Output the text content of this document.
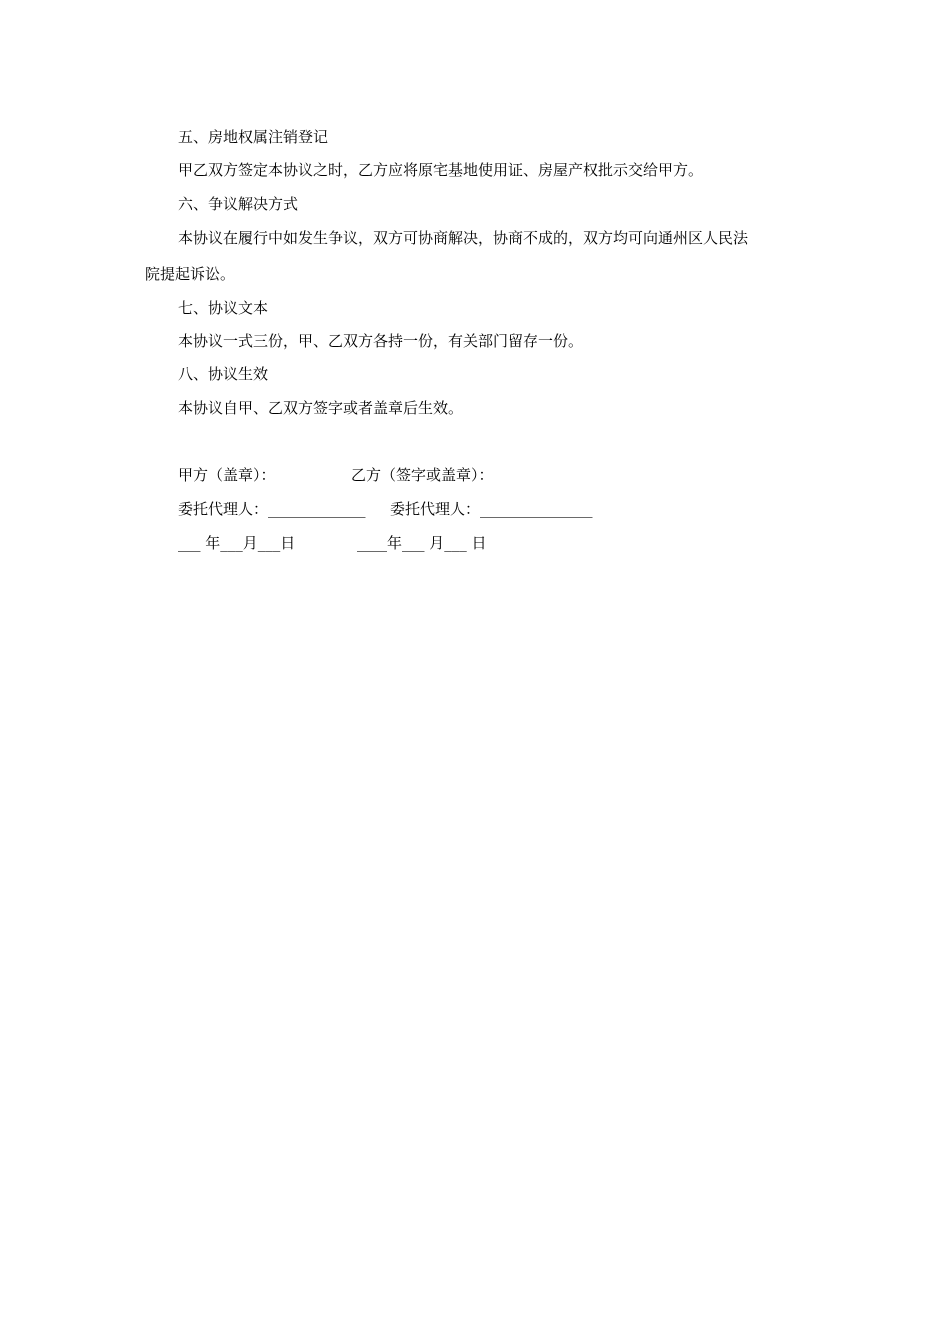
五、房地权属注销登记
甲乙双方签定本协议之时，乙方应将原宅基地使用证、房屋产权批示交给甲方。
六、争议解决方式
本协议在履行中如发生争议，双方可协商解决，协商不成的，双方均可向通州区人民法
院提起诉讼。
七、协议文本
本协议一式三份，甲、乙双方各持一份，有关部门留存一份。
八、协议生效
本协议自甲、乙双方签字或者盖章后生效。
甲方（盖章）：	乙方（签字或盖章）：
委托代理人：_____________ 委托代理人：_______________
___ 年___月___日	____年___ 月___ 日
